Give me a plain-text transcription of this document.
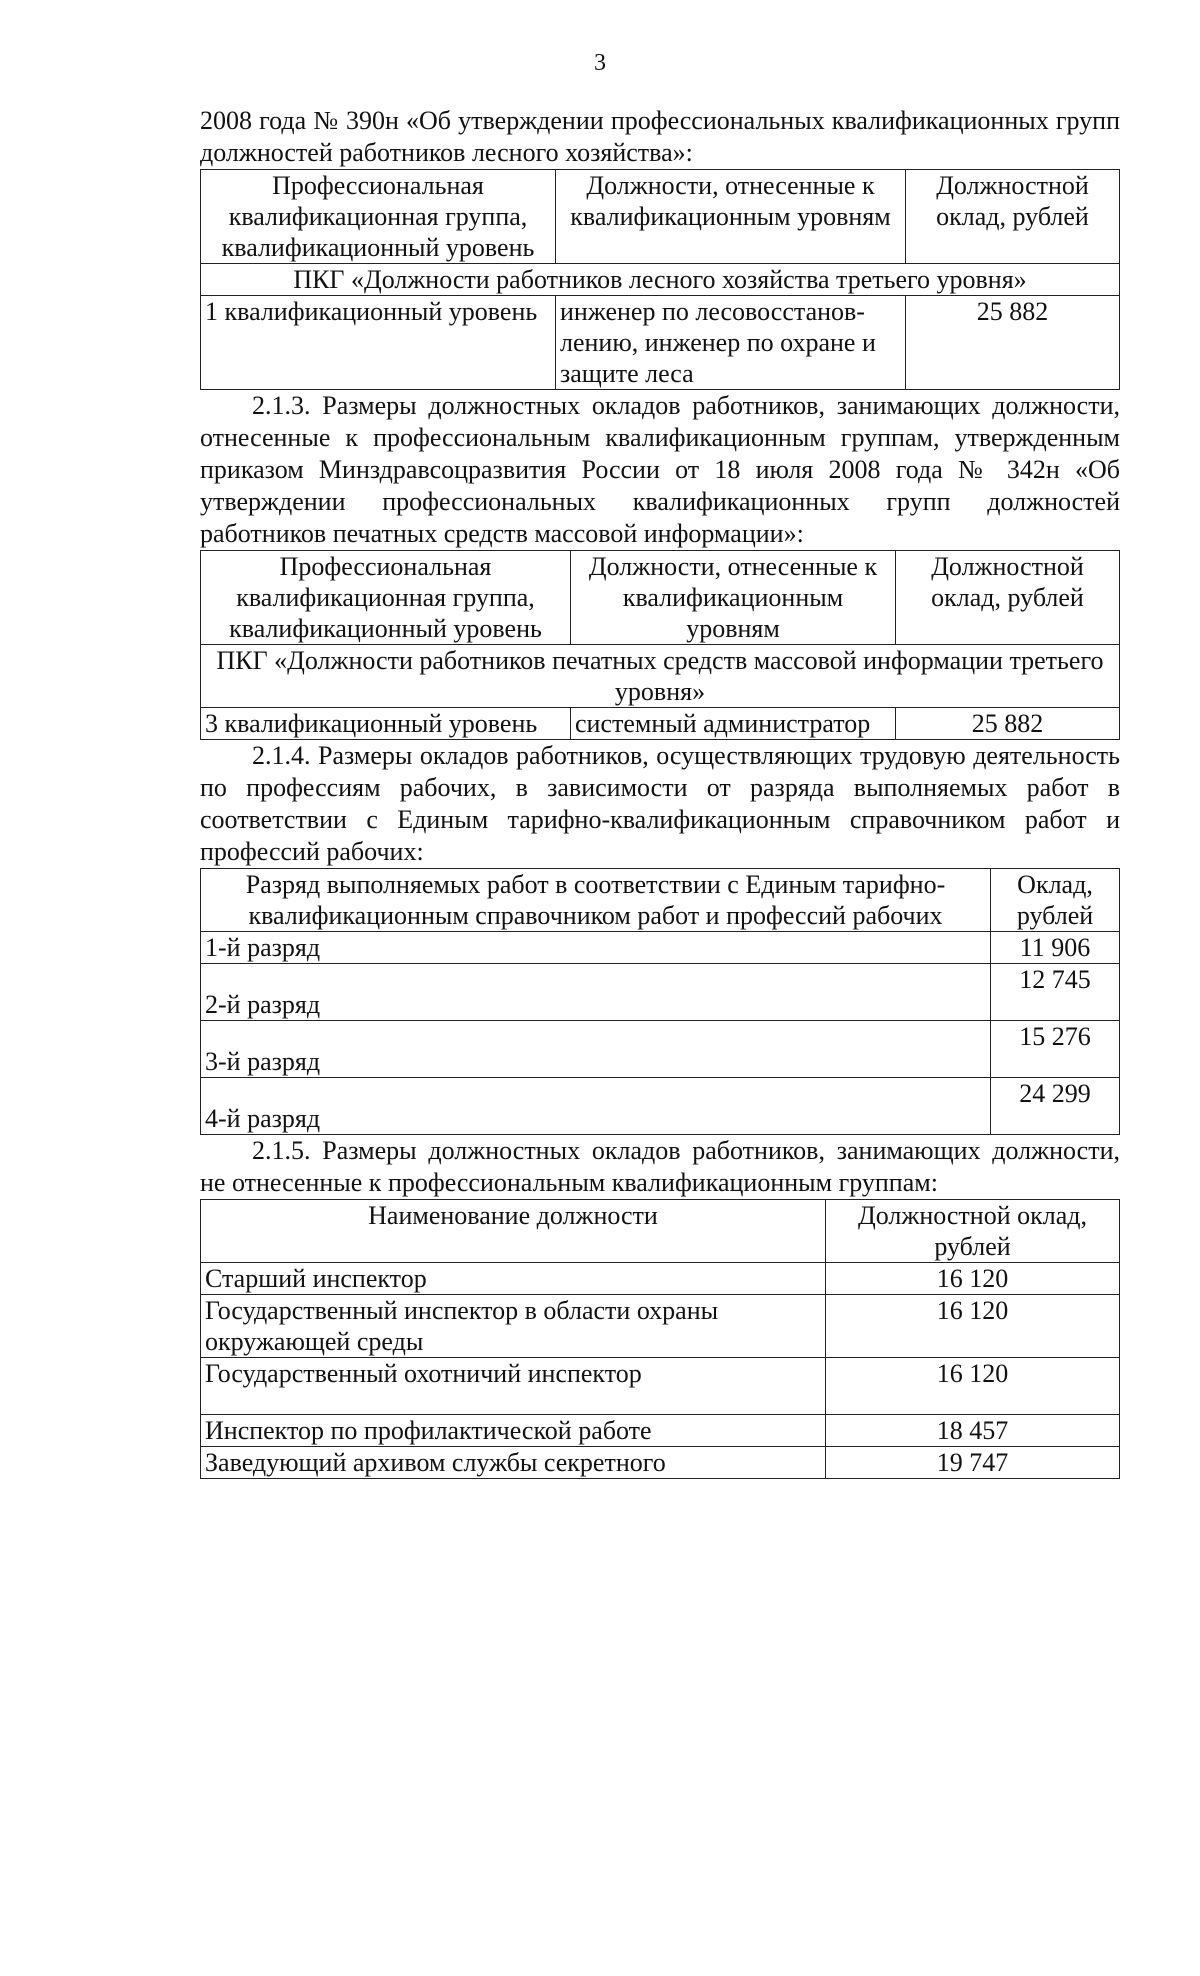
3

2008 года № 390н «Об утверждении профессиональных квалификационных групп должностей работников лесного хозяйства»:

Профессиональная квалификационная группа, квалификационный уровень	Должности, отнесенные к квалификационным уровням	Должностной оклад, рублей
ПКГ «Должности работников лесного хозяйства третьего уровня»		
1 квалификационный уровень	инженер по лесовосстанов-лению, инженер по охране и защите леса	25 882

2.1.3. Размеры должностных окладов работников, занимающих должности, отнесенные к профессиональным квалификационным группам, утвержденным приказом Минздравсоцразвития России от 18 июля 2008 года № 342н «Об утверждении профессиональных квалификационных групп должностей работников печатных средств массовой информации»:

Профессиональная квалификационная группа, квалификационный уровень	Должности, отнесенные к квалификационным уровням	Должностной оклад, рублей
ПКГ «Должности работников печатных средств массовой информации третьего уровня»		
3 квалификационный уровень	системный администратор	25 882

2.1.4. Размеры окладов работников, осуществляющих трудовую деятельность по профессиям рабочих, в зависимости от разряда выполняемых работ в соответствии с Единым тарифно-квалификационным справочником работ и профессий рабочих:

Разряд выполняемых работ в соответствии с Единым тарифно-квалификационным справочником работ и профессий рабочих	Оклад, рублей
1-й разряд	11 906
2-й разряд	12 745
3-й разряд	15 276
4-й разряд	24 299

2.1.5. Размеры должностных окладов работников, занимающих должности, не отнесенные к профессиональным квалификационным группам:

Наименование должности	Должностной оклад, рублей
Старший инспектор	16 120
Государственный инспектор в области охраны окружающей среды	16 120
Государственный охотничий инспектор	16 120
Инспектор по профилактической работе	18 457
Заведующий архивом службы секретного	19 747
